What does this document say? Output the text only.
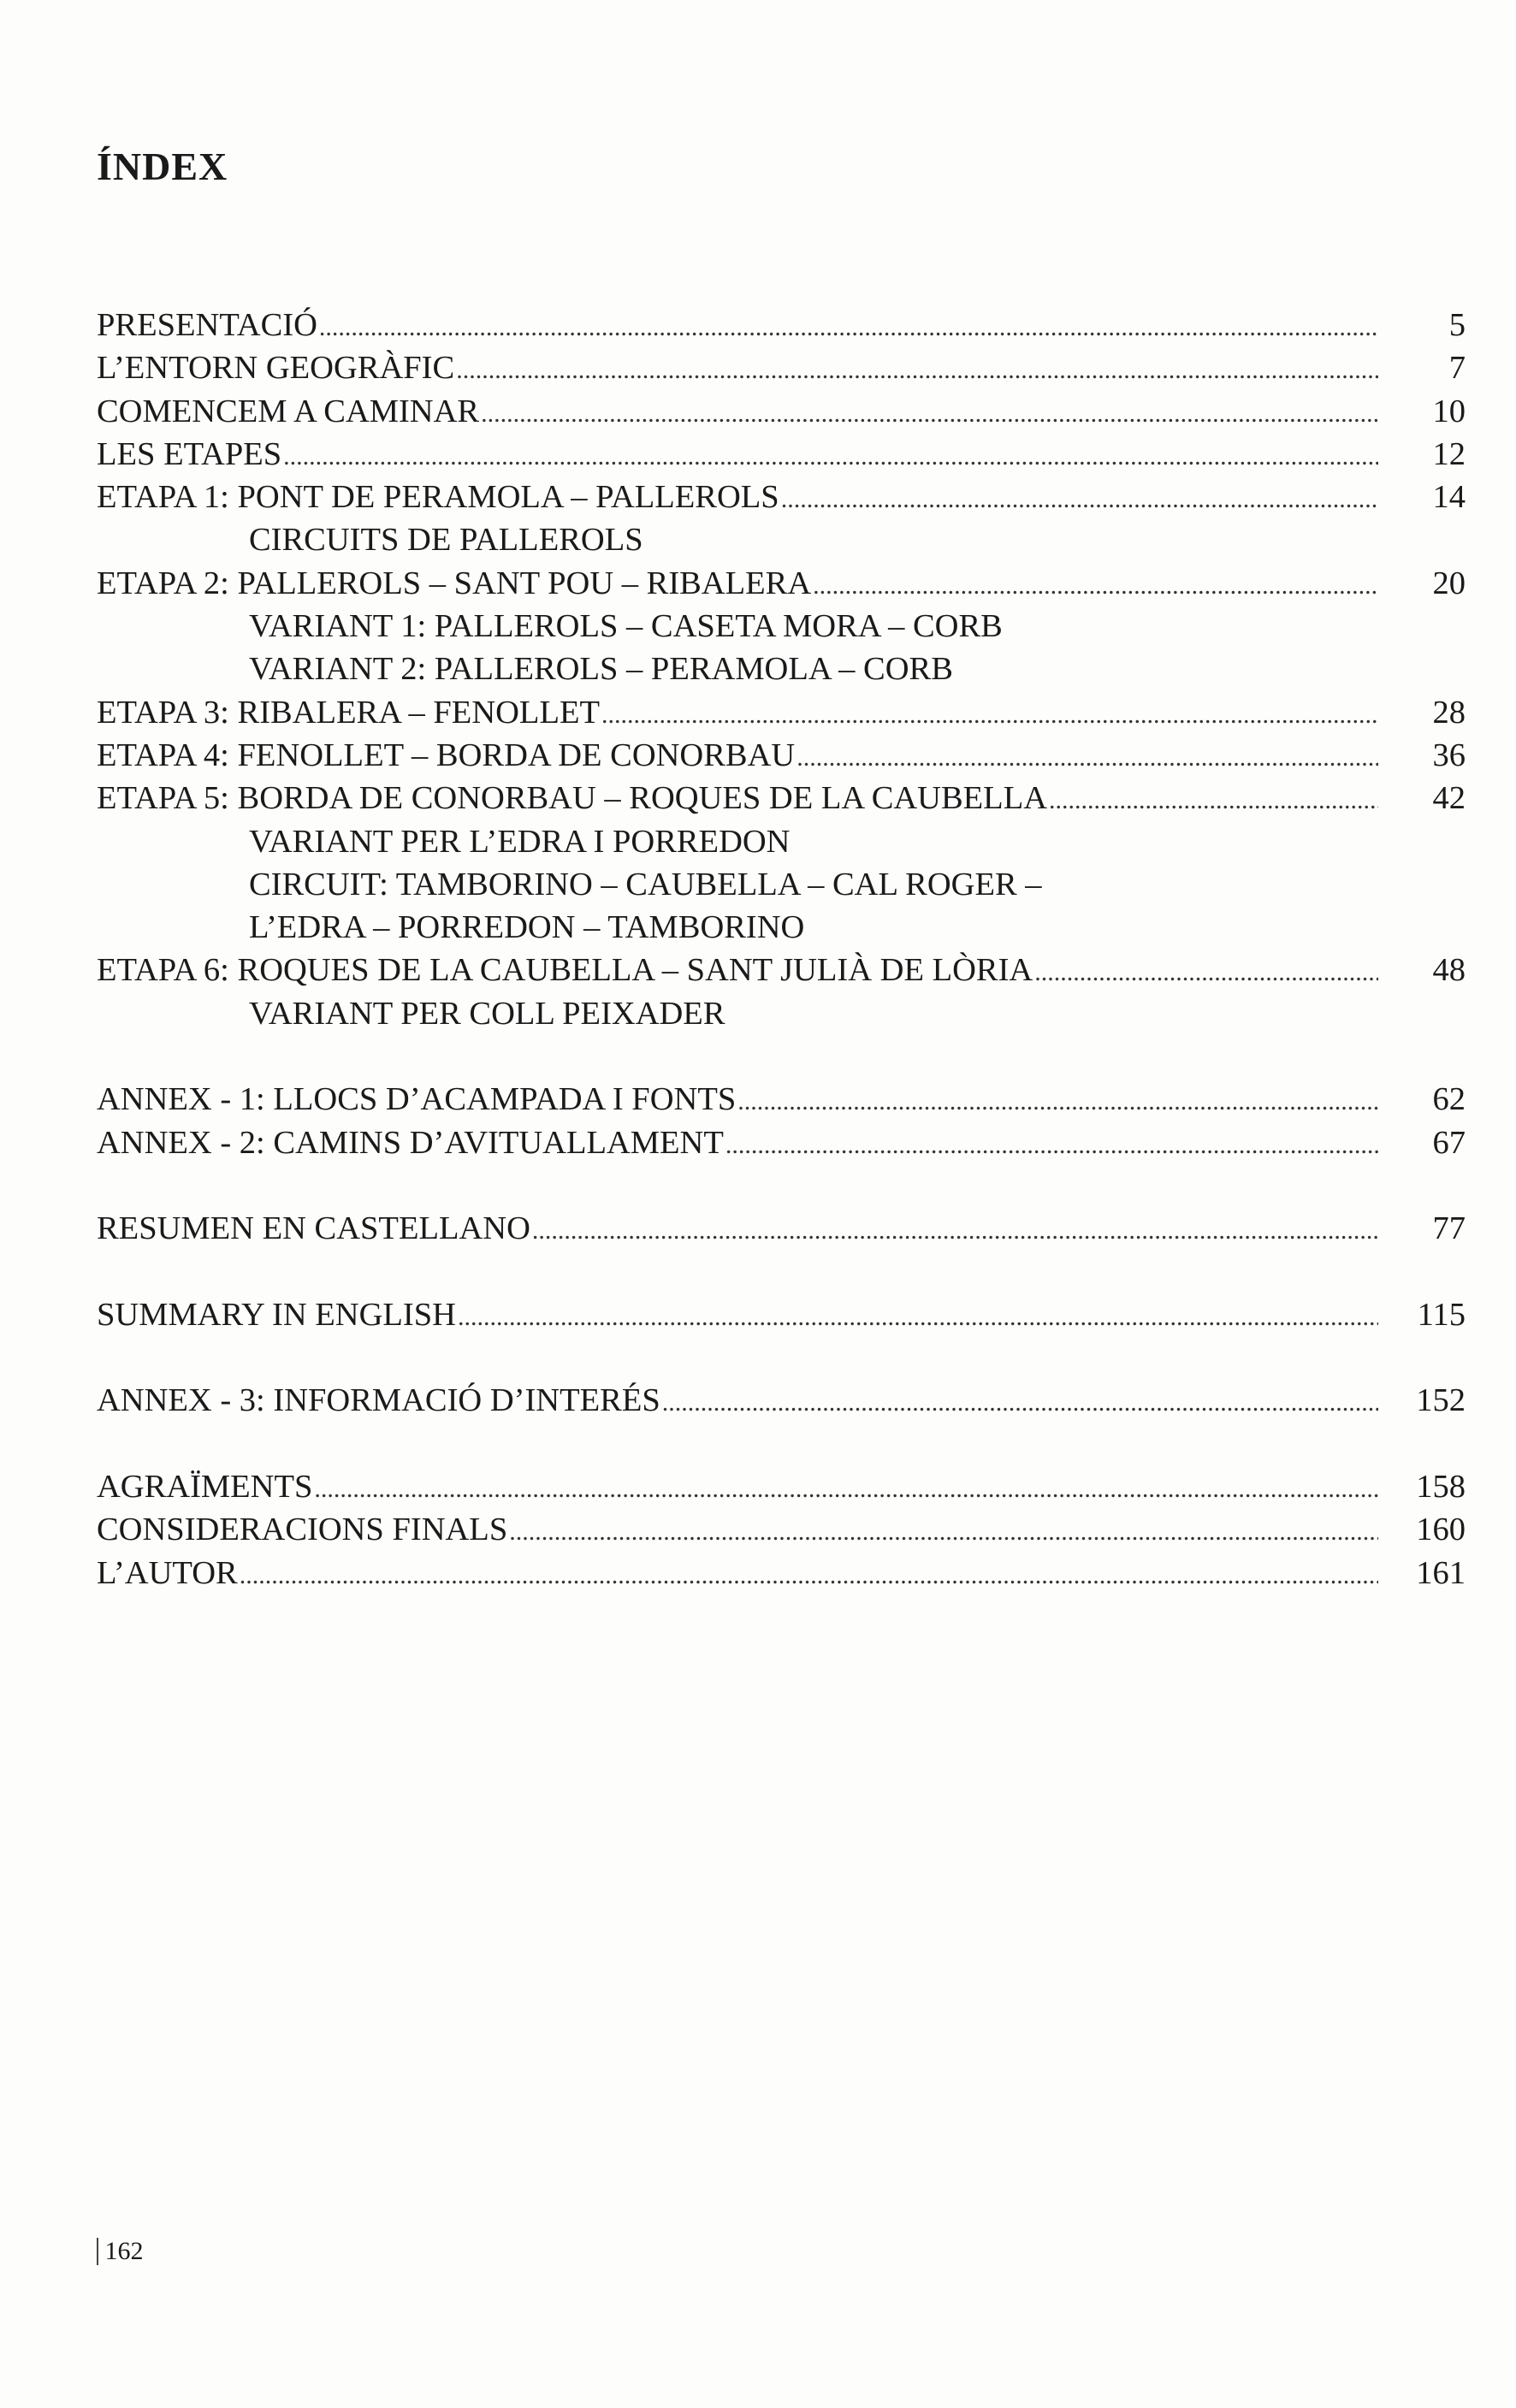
ÍNDEX
PRESENTACIÓ .....	5
L’ENTORN GEOGRÀFIC .....	7
COMENCEM A CAMINAR .....	10
LES ETAPES .....	12
ETAPA 1: PONT DE PERAMOLA – PALLEROLS .....	14
CIRCUITS DE PALLEROLS
ETAPA 2: PALLEROLS – SANT POU – RIBALERA .....	20
VARIANT 1: PALLEROLS – CASETA MORA – CORB
VARIANT 2: PALLEROLS – PERAMOLA – CORB
ETAPA 3: RIBALERA – FENOLLET .....	28
ETAPA 4: FENOLLET – BORDA DE CONORBAU .....	36
ETAPA 5: BORDA DE CONORBAU – ROQUES DE LA CAUBELLA .....	42
VARIANT PER L’EDRA I PORREDON
CIRCUIT: TAMBORINO – CAUBELLA – CAL ROGER –
L’EDRA – PORREDON – TAMBORINO
ETAPA 6: ROQUES DE LA CAUBELLA – SANT JULIÀ DE LÒRIA .....	48
VARIANT PER COLL PEIXADER
ANNEX - 1: LLOCS D’ACAMPADA I FONTS .....	62
ANNEX - 2: CAMINS D’AVITUALLAMENT .....	67
RESUMEN EN CASTELLANO .....	77
SUMMARY IN ENGLISH .....	115
ANNEX - 3: INFORMACIÓ D’INTERÉS .....	152
AGRAÏMENTS .....	158
CONSIDERACIONS FINALS .....	160
L’AUTOR .....	161
162
